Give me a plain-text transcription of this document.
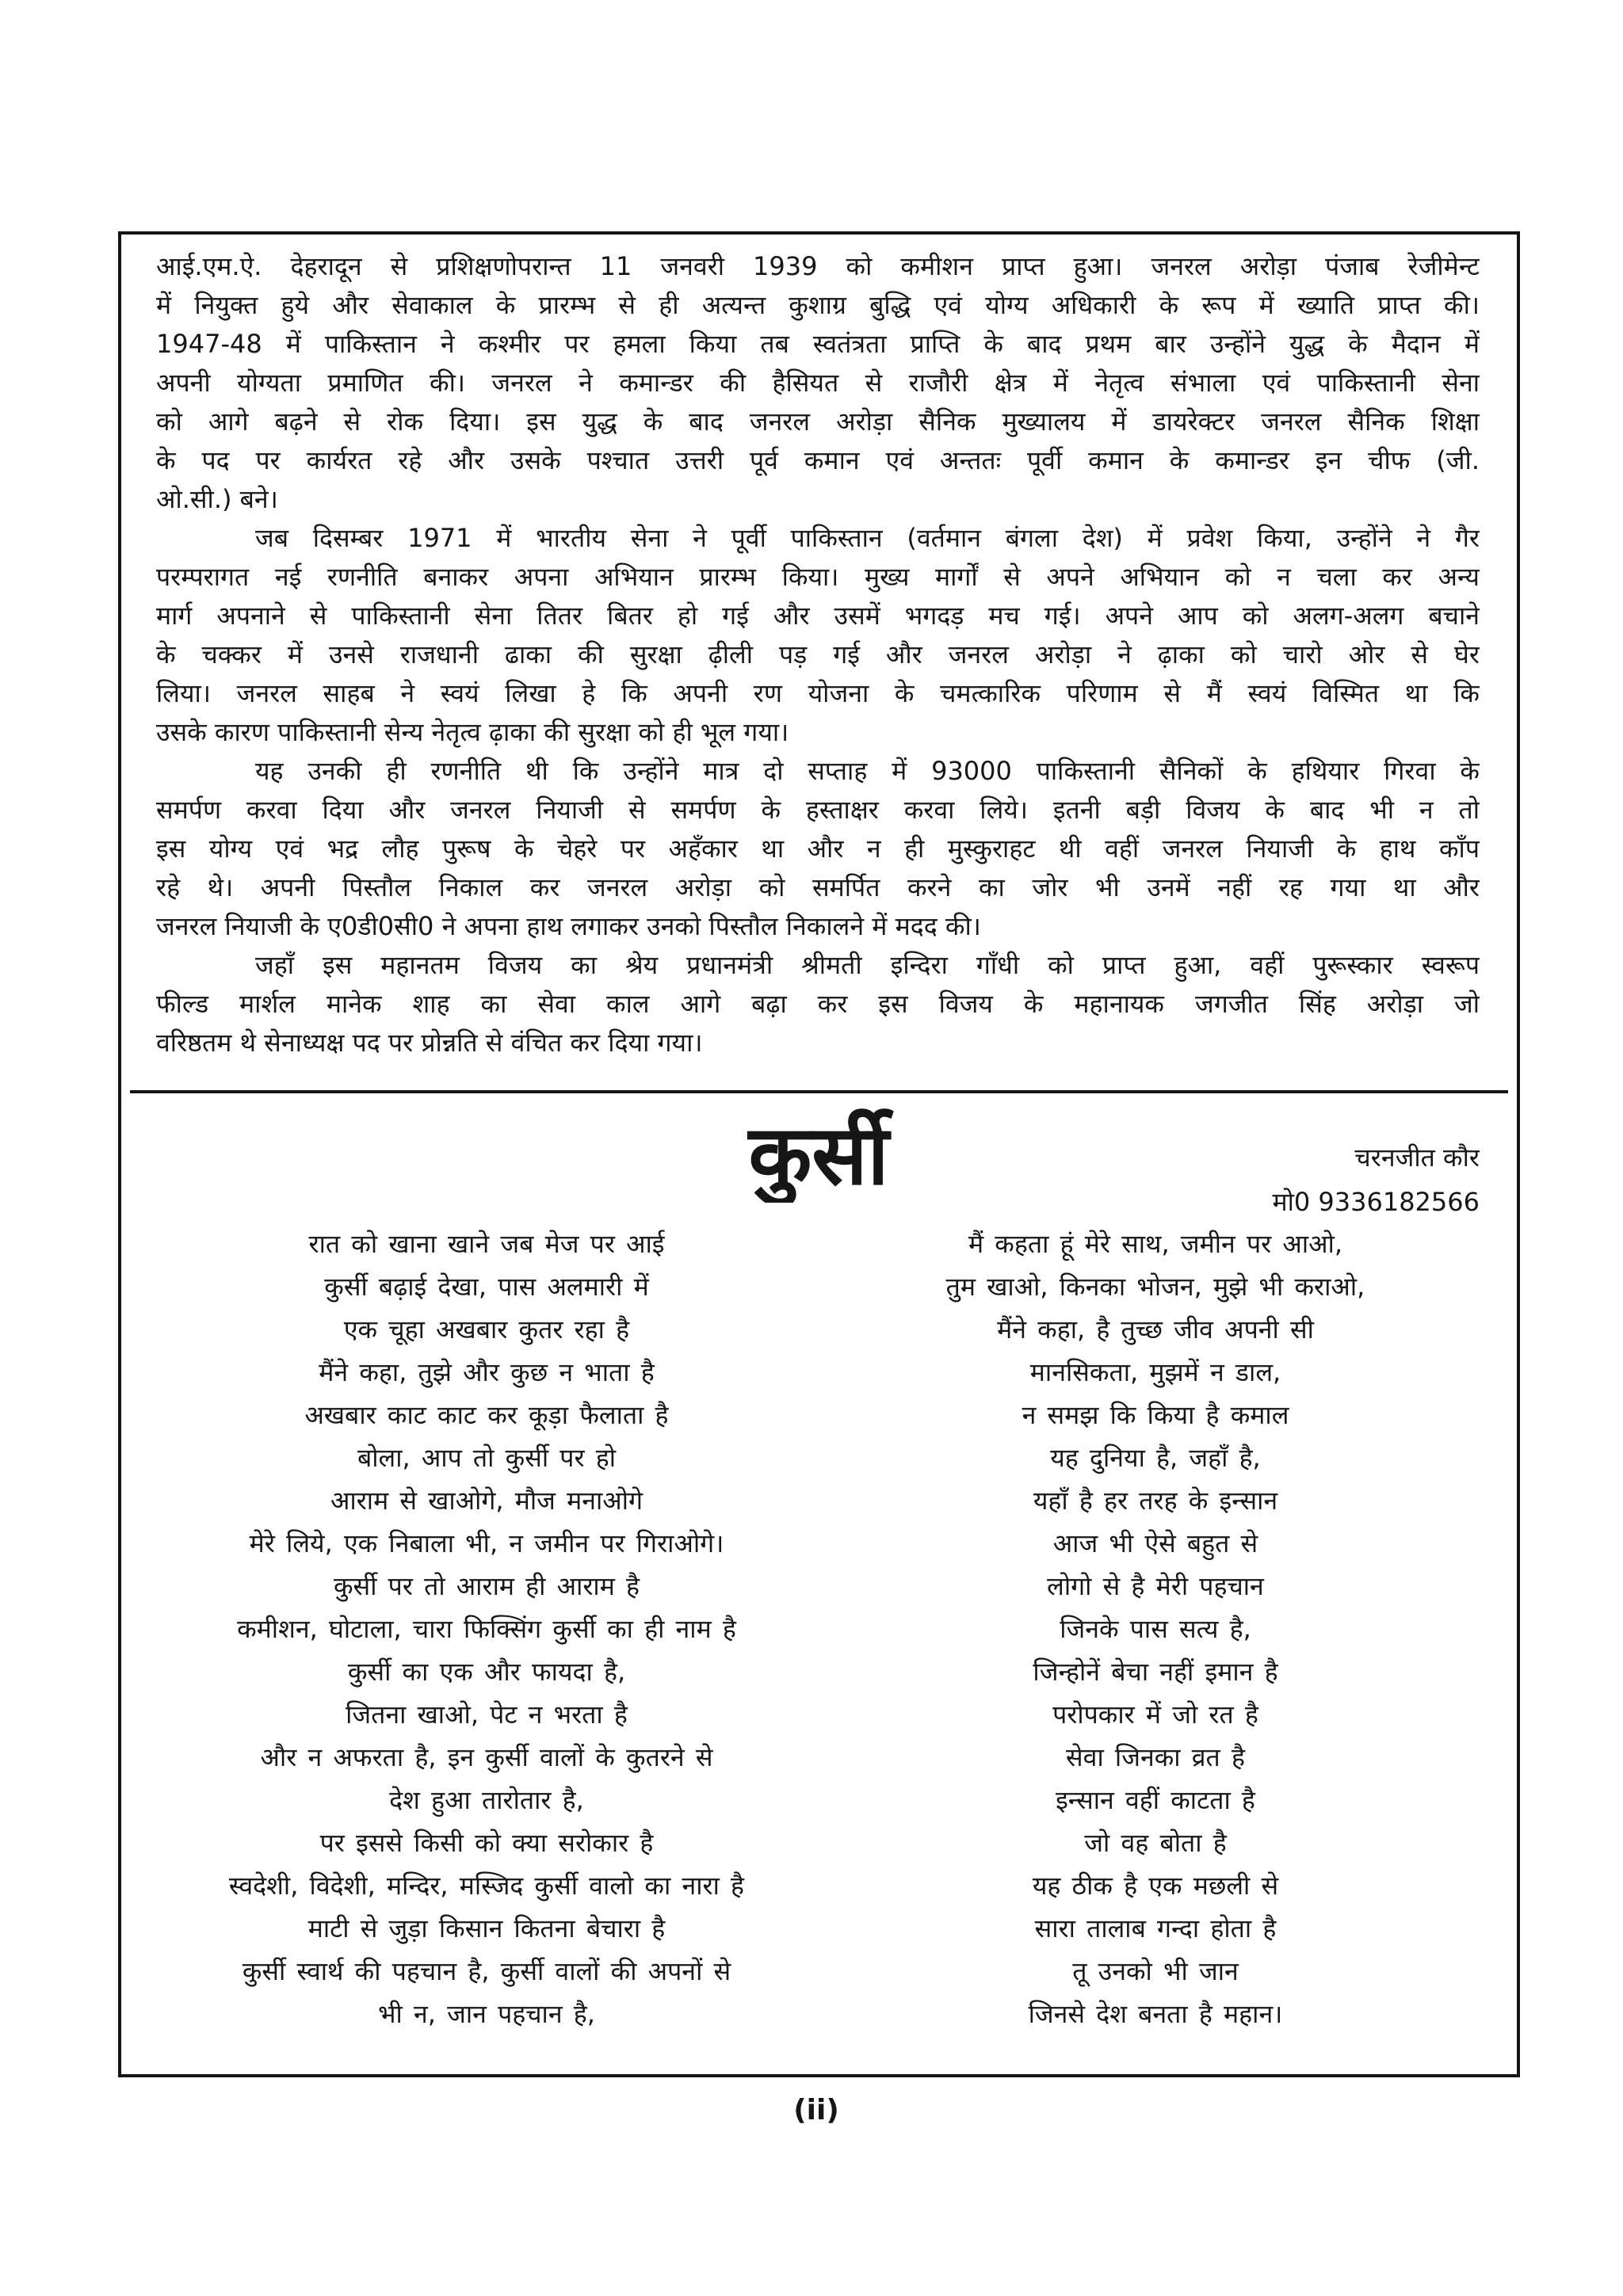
आई.एम.ऐ. देहरादून से प्रशिक्षणोपरान्त 11 जनवरी 1939 को कमीशन प्राप्त हुआ। जनरल अरोड़ा पंजाब रेजीमेन्ट
में नियुक्त हुये और सेवाकाल के प्रारम्भ से ही अत्यन्त कुशाग्र बुद्धि एवं योग्य अधिकारी के रूप में ख्याति प्राप्त की।
1947-48 में पाकिस्तान ने कश्मीर पर हमला किया तब स्वतंत्रता प्राप्ति के बाद प्रथम बार उन्होंने युद्ध के मैदान में
अपनी योग्यता प्रमाणित की। जनरल ने कमान्डर की हैसियत से राजौरी क्षेत्र में नेतृत्व संभाला एवं पाकिस्तानी सेना
को आगे बढ़ने से रोक दिया। इस युद्ध के बाद जनरल अरोड़ा सैनिक मुख्यालय में डायरेक्टर जनरल सैनिक शिक्षा
के पद पर कार्यरत रहे और उसके पश्चात उत्तरी पूर्व कमान एवं अन्ततः पूर्वी कमान के कमान्डर इन चीफ (जी.
ओ.सी.) बने।
जब दिसम्बर 1971 में भारतीय सेना ने पूर्वी पाकिस्तान (वर्तमान बंगला देश) में प्रवेश किया, उन्होंने ने गैर
परम्परागत नई रणनीति बनाकर अपना अभियान प्रारम्भ किया। मुख्य मार्गों से अपने अभियान को न चला कर अन्य
मार्ग अपनाने से पाकिस्तानी सेना तितर बितर हो गई और उसमें भगदड़ मच गई। अपने आप को अलग-अलग बचाने
के चक्कर में उनसे राजधानी ढाका की सुरक्षा ढ़ीली पड़ गई और जनरल अरोड़ा ने ढ़ाका को चारो ओर से घेर
लिया। जनरल साहब ने स्वयं लिखा हे कि अपनी रण योजना के चमत्कारिक परिणाम से मैं स्वयं विस्मित था कि
उसके कारण पाकिस्तानी सेन्य नेतृत्व ढ़ाका की सुरक्षा को ही भूल गया।
यह उनकी ही रणनीति थी कि उन्होंने मात्र दो सप्ताह में 93000 पाकिस्तानी सैनिकों के हथियार गिरवा के
समर्पण करवा दिया और जनरल नियाजी से समर्पण के हस्ताक्षर करवा लिये। इतनी बड़ी विजय के बाद भी न तो
इस योग्य एवं भद्र लौह पुरूष के चेहरे पर अहँकार था और न ही मुस्कुराहट थी वहीं जनरल नियाजी के हाथ काँप
रहे थे। अपनी पिस्तौल निकाल कर जनरल अरोड़ा को समर्पित करने का जोर भी उनमें नहीं रह गया था और
जनरल नियाजी के ए0डी0सी0 ने अपना हाथ लगाकर उनको पिस्तौल निकालने में मदद की।
जहाँ इस महानतम विजय का श्रेय प्रधानमंत्री श्रीमती इन्दिरा गाँधी को प्राप्त हुआ, वहीं पुरूस्कार स्वरूप
फील्ड मार्शल मानेक शाह का सेवा काल आगे बढ़ा कर इस विजय के महानायक जगजीत सिंह अरोड़ा जो
वरिष्ठतम थे सेनाध्यक्ष पद पर प्रोन्नति से वंचित कर दिया गया।
कुर्सी	चरनजीत कौर
मो0 9336182566
रात को खाना खाने जब मेज पर आई
कुर्सी बढ़ाई देखा, पास अलमारी में
एक चूहा अखबार कुतर रहा है
मैंने कहा, तुझे और कुछ न भाता है
अखबार काट काट कर कूड़ा फैलाता है
बोला, आप तो कुर्सी पर हो
आराम से खाओगे, मौज मनाओगे
मेरे लिये, एक निबाला भी, न जमीन पर गिराओगे।
कुर्सी पर तो आराम ही आराम है
कमीशन, घोटाला, चारा फिक्सिंग कुर्सी का ही नाम है
कुर्सी का एक और फायदा है,
जितना खाओ, पेट न भरता है
और न अफरता है, इन कुर्सी वालों के कुतरने से
देश हुआ तारोतार है,
पर इससे किसी को क्या सरोकार है
स्वदेशी, विदेशी, मन्दिर, मस्जिद कुर्सी वालो का नारा है
माटी से जुड़ा किसान कितना बेचारा है
कुर्सी स्वार्थ की पहचान है, कुर्सी वालों की अपनों से
भी न, जान पहचान है,
मैं कहता हूं मेरे साथ, जमीन पर आओ,
तुम खाओ, किनका भोजन, मुझे भी कराओ,
मैंने कहा, है तुच्छ जीव अपनी सी
मानसिकता, मुझमें न डाल,
न समझ कि किया है कमाल
यह दुनिया है, जहाँ है,
यहाँ है हर तरह के इन्सान
आज भी ऐसे बहुत से
लोगो से है मेरी पहचान
जिनके पास सत्य है,
जिन्होनें बेचा नहीं इमान है
परोपकार में जो रत है
सेवा जिनका व्रत है
इन्सान वहीं काटता है
जो वह बोता है
यह ठीक है एक मछली से
सारा तालाब गन्दा होता है
तू उनको भी जान
जिनसे देश बनता है महान।
(ii)
